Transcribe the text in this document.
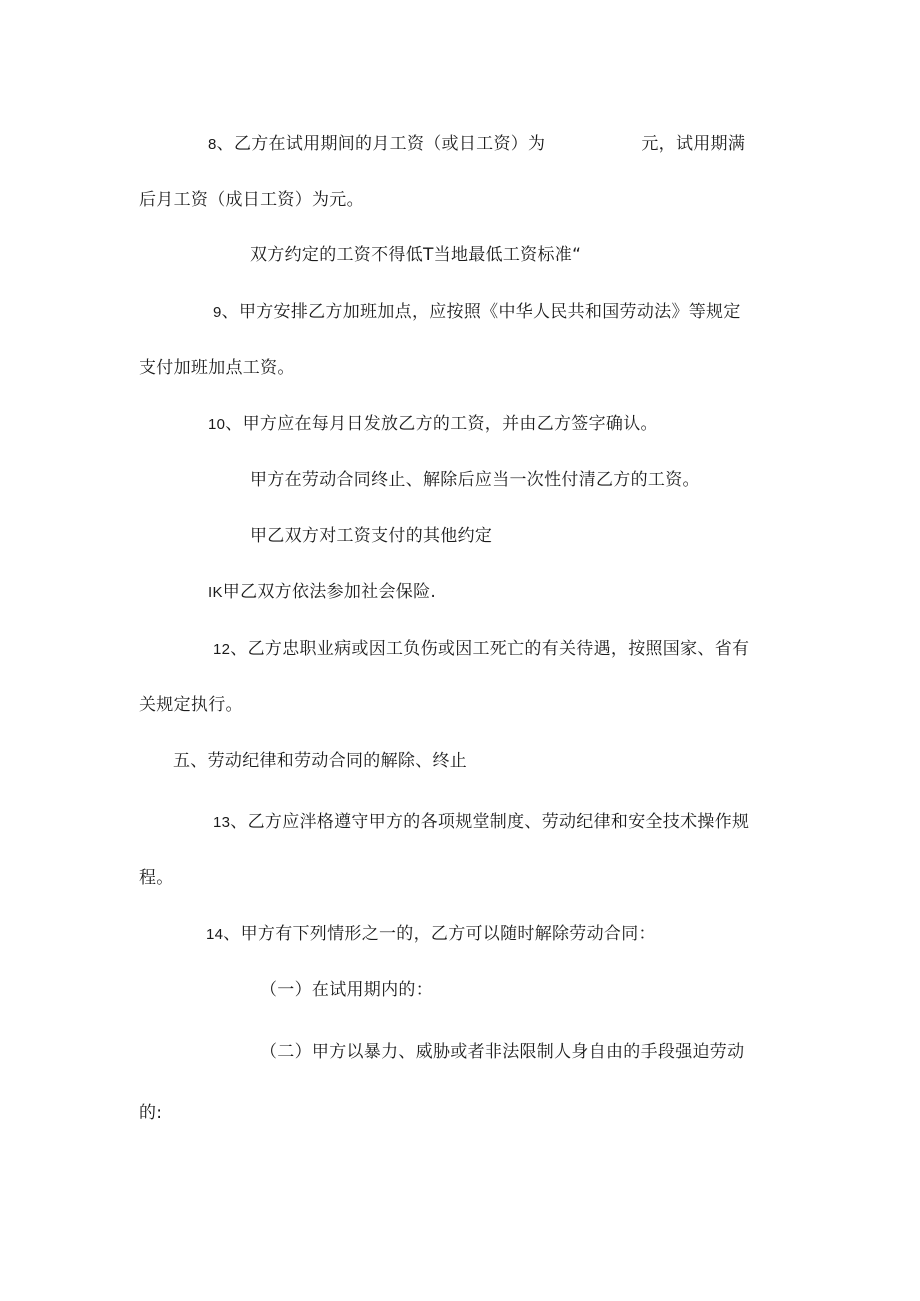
8、乙方在试用期间的月工资（或日工资）为	元，试用期满
后月工资（成日工资）为元。
双方约定的工资不得低T当地最低工资标准“
9、甲方安排乙方加班加点，应按照《中华人民共和国劳动法》等规定
支付加班加点工资。
10、甲方应在每月日发放乙方的工资，并由乙方签字确认。
甲方在劳动合同终止、解除后应当一次性付清乙方的工资。
甲乙双方对工资支付的其他约定
IK甲乙双方依法参加社会保险.
12、乙方忠职业病或因工负伤或因工死亡的有关待遇，按照国家、省有
关规定执行。
五、劳动纪律和劳动合同的解除、终止
13、乙方应泮格遵守甲方的各项规堂制度、劳动纪律和安全技术操作规
程。
14、甲方有下列情形之一的，乙方可以随时解除劳动合同：
（一）在试用期内的：
（二）甲方以暴力、威胁或者非法限制人身自由的手段强迫劳动
的:
